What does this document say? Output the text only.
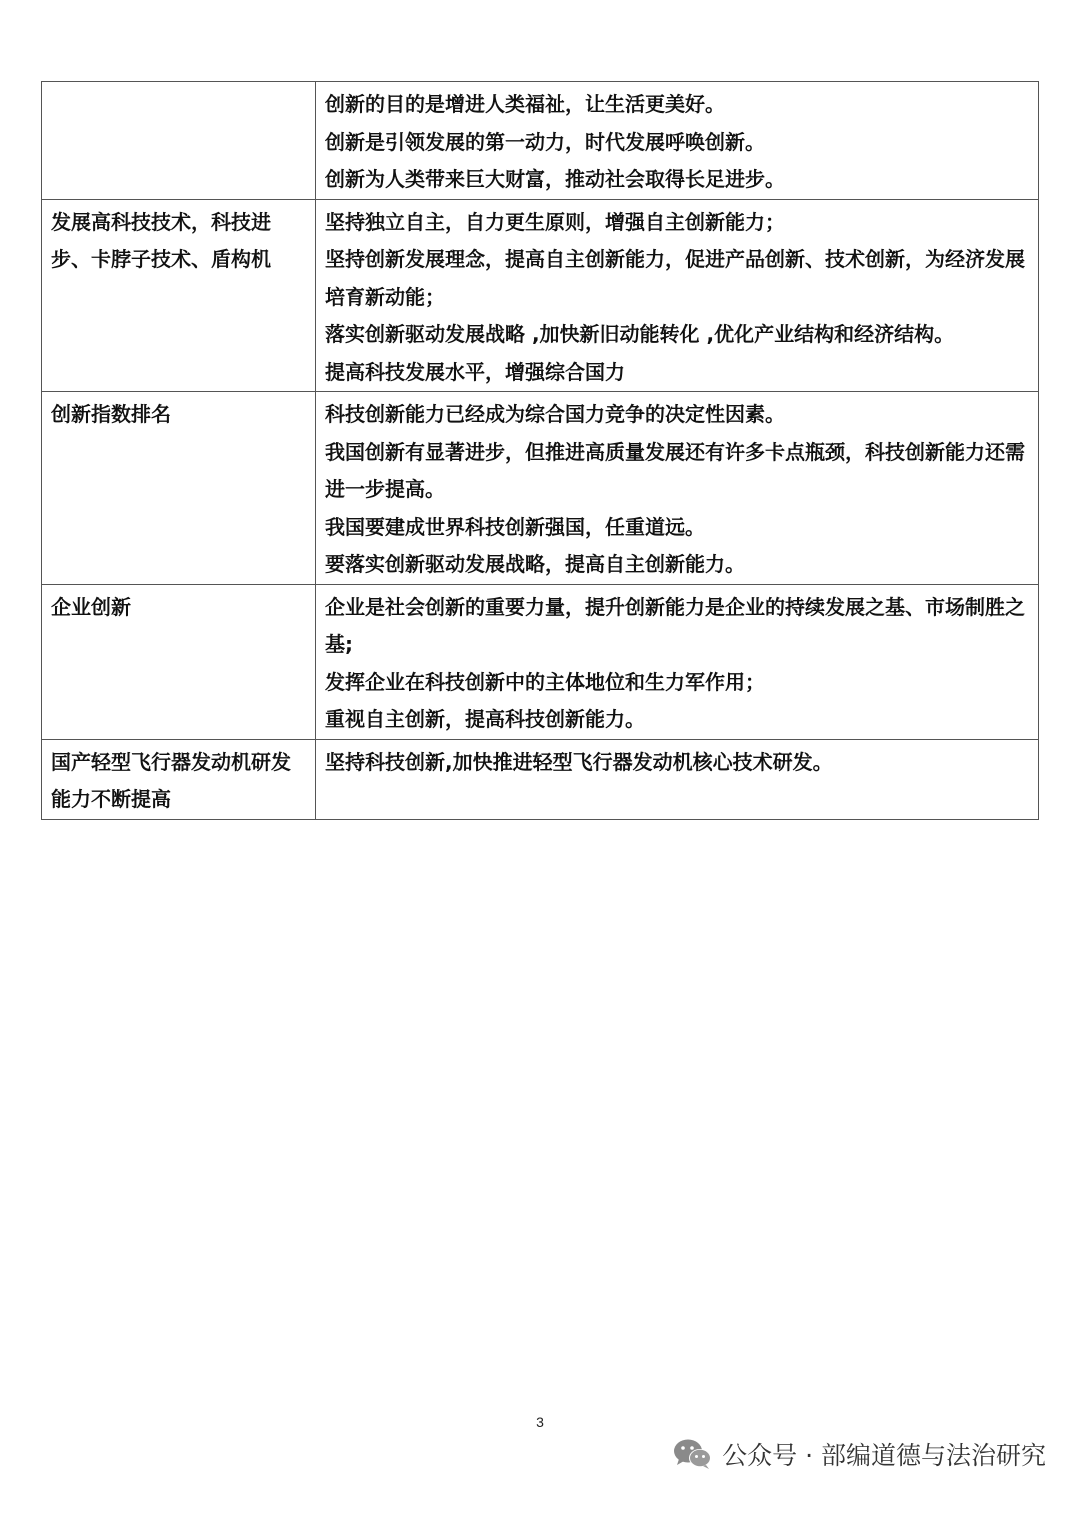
	创新的目的是增进人类福祉，让生活更美好。

创新是引领发展的第一动力，时代发展呼唤创新。

创新为人类带来巨大财富，推动社会取得长足进步。

发展高科技技术，科技进步、卡脖子技术、盾构机	坚持独立自主，自力更生原则，增强自主创新能力；

坚持创新发展理念，提高自主创新能力，促进产品创新、技术创新，为经济发展培育新动能；

落实创新驱动发展战略 ,加快新旧动能转化 ,优化产业结构和经济结构。

提高科技发展水平，增强综合国力

创新指数排名	科技创新能力已经成为综合国力竞争的决定性因素。

我国创新有显著进步，但推进高质量发展还有许多卡点瓶颈，科技创新能力还需进一步提高。

我国要建成世界科技创新强国，任重道远。

要落实创新驱动发展战略，提高自主创新能力。

企业创新	企业是社会创新的重要力量，提升创新能力是企业的持续发展之基、市场制胜之基;

发挥企业在科技创新中的主体地位和生力军作用；

重视自主创新，提高科技创新能力。

国产轻型飞行器发动机研发能力不断提高	坚持科技创新,加快推进轻型飞行器发动机核心技术研发。

3
公众号 · 部编道德与法治研究
